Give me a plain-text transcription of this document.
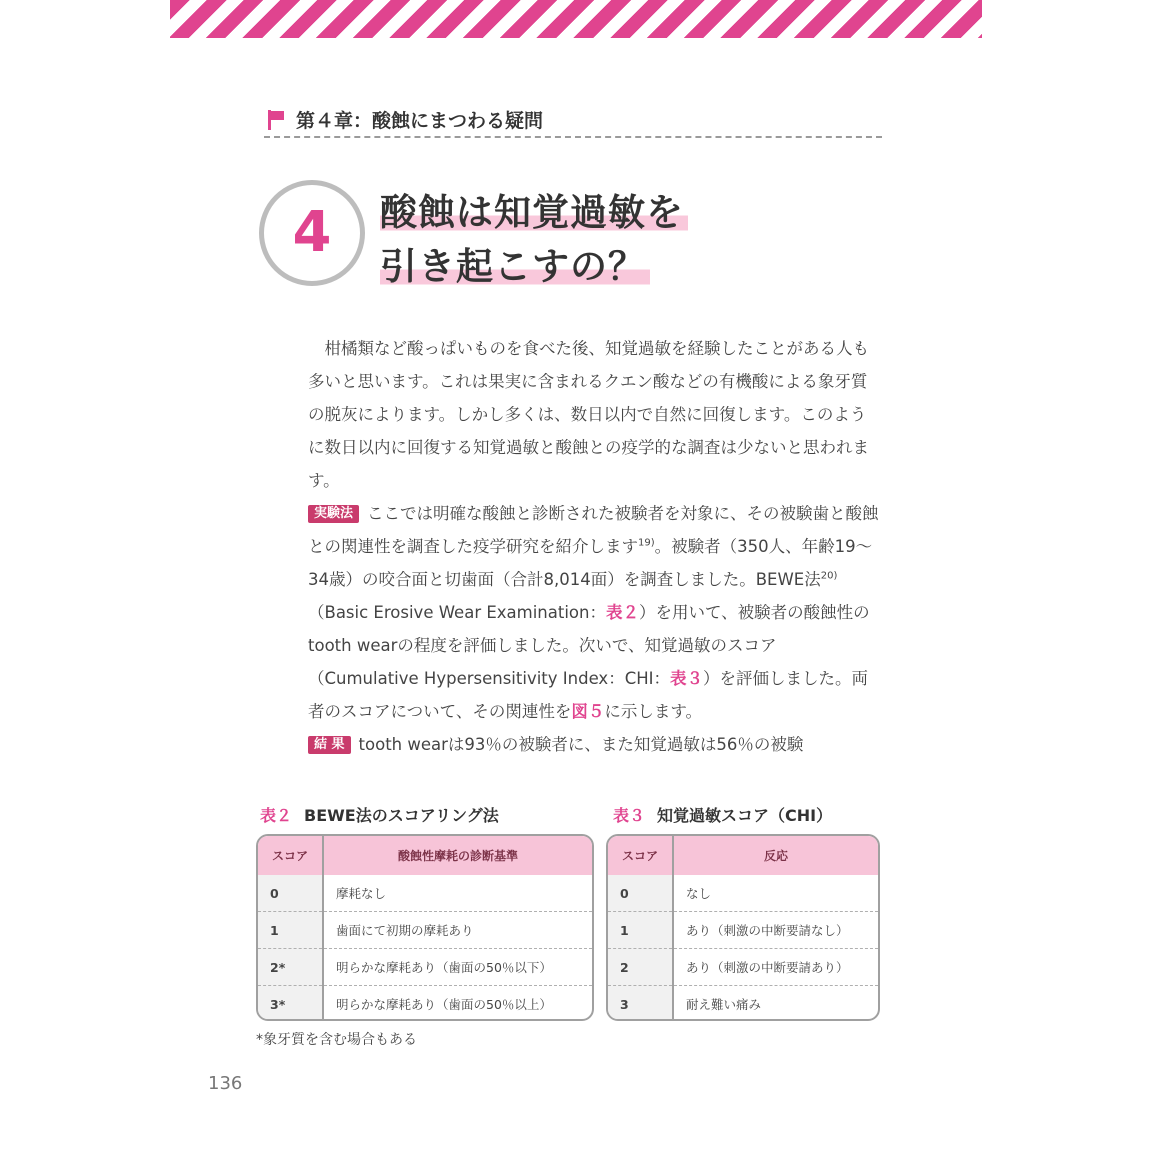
第４章：酸蝕にまつわる疑問
4 酸蝕は知覚過敏を
引き起こすの？

柑橘類など酸っぱいものを食べた後、知覚過敏を経験したことがある人も多いと思います。これは果実に含まれるクエン酸などの有機酸による象牙質の脱灰によります。しかし多くは、数日以内で自然に回復します。このように数日以内に回復する知覚過敏と酸蝕との疫学的な調査は少ないと思われます。

実験法 ここでは明確な酸蝕と診断された被験者を対象に、その被験歯と酸蝕との関連性を調査した疫学研究を紹介します$^{19)}$。被験者（350人、年齢19～34歳）の咬合面と切歯面（合計8,014面）を調査しました。BEWE法$^{20)}$（Basic Erosive Wear Examination：表２）を用いて、被験者の酸蝕性のtooth wearの程度を評価しました。次いで、知覚過敏のスコア（Cumulative Hypersensitivity Index：CHI：表３）を評価しました。両者のスコアについて、その関連性を図５に示します。

結 果 tooth wearは93％の被験者に、また知覚過敏は56％の被験

表２ BEWE法のスコアリング法
スコア	酸蝕性摩耗の診断基準
0	摩耗なし
1	歯面にて初期の摩耗あり
2*	明らかな摩耗あり（歯面の50％以下）
3*	明らかな摩耗あり（歯面の50％以上）
表３ 知覚過敏スコア（CHI）
スコア	反応
0	なし
1	あり（刺激の中断要請なし）
2	あり（刺激の中断要請あり）
3	耐え難い痛み
*象牙質を含む場合もある
136
